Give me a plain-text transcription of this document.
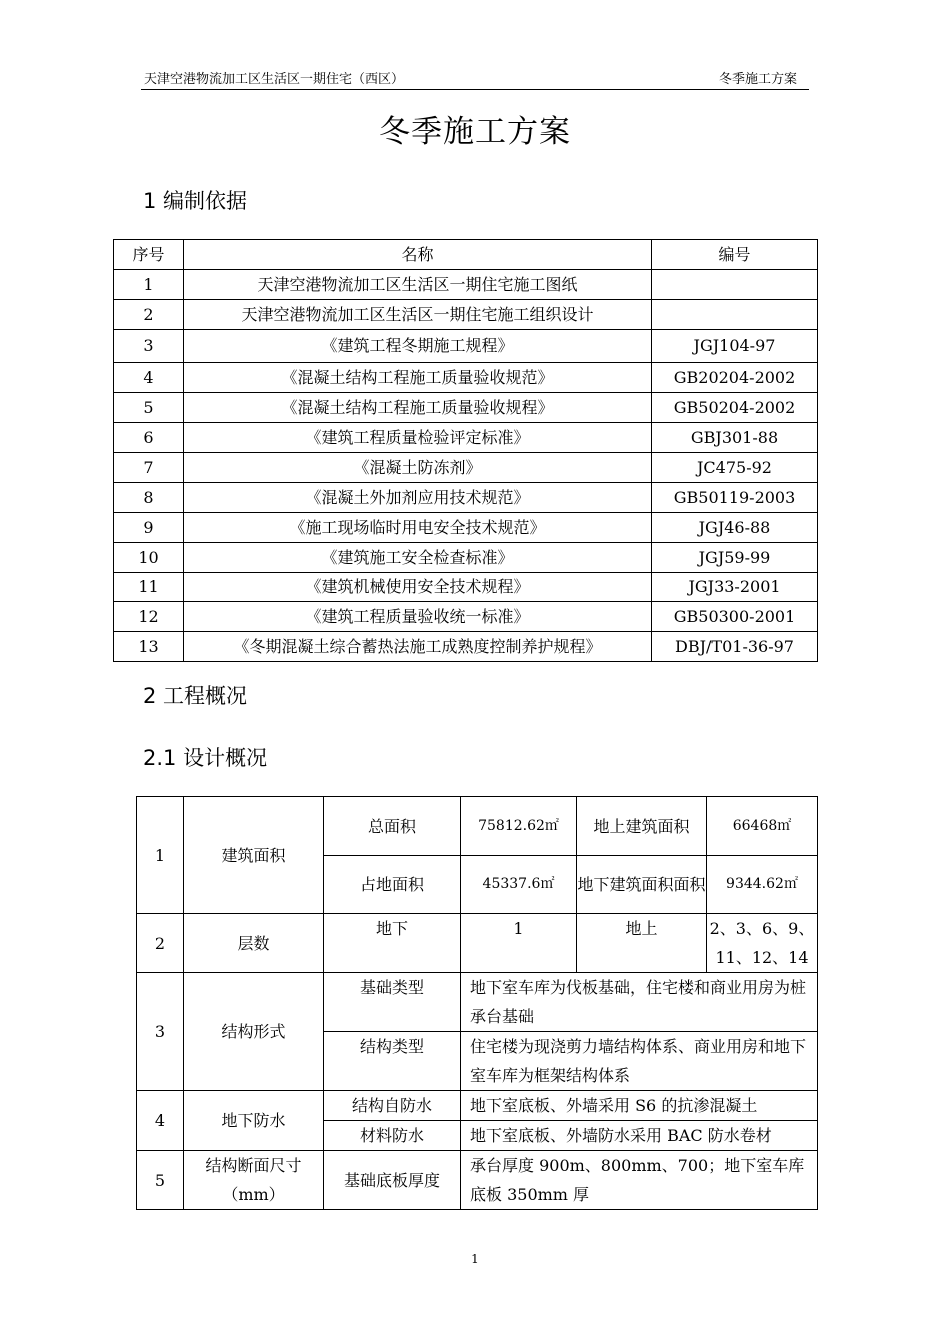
天津空港物流加工区生活区一期住宅（西区）	冬季施工方案
冬季施工方案
1 编制依据
序号	名称	编号
1	天津空港物流加工区生活区一期住宅施工图纸	
2	天津空港物流加工区生活区一期住宅施工组织设计	
3	《建筑工程冬期施工规程》	JGJ104-97
4	《混凝土结构工程施工质量验收规范》	GB20204-2002
5	《混凝土结构工程施工质量验收规程》	GB50204-2002
6	《建筑工程质量检验评定标准》	GBJ301-88
7	《混凝土防冻剂》	JC475-92
8	《混凝土外加剂应用技术规范》	GB50119-2003
9	《施工现场临时用电安全技术规范》	JGJ46-88
10	《建筑施工安全检查标准》	JGJ59-99
11	《建筑机械使用安全技术规程》	JGJ33-2001
12	《建筑工程质量验收统一标准》	GB50300-2001
13	《冬期混凝土综合蓄热法施工成熟度控制养护规程》	DBJ/T01-36-97
2 工程概况
2.1 设计概况
1	建筑面积	总面积	75812.62㎡	地上建筑面积	66468㎡
		占地面积	45337.6㎡	地下建筑面积面积	9344.62㎡
2	层数	地下	1	地上	2、3、6、9、11、12、14
3	结构形式	基础类型	地下室车库为伐板基础，住宅楼和商业用房为桩承台基础		
		结构类型	住宅楼为现浇剪力墙结构体系、商业用房和地下室车库为框架结构体系		
4	地下防水	结构自防水	地下室底板、外墙采用 S6 的抗渗混凝土		
		材料防水	地下室底板、外墙防水采用 BAC 防水卷材		
5	结构断面尺寸（mm）	基础底板厚度	承台厚度 900m、800mm、700；地下室车库底板 350mm 厚		
1
